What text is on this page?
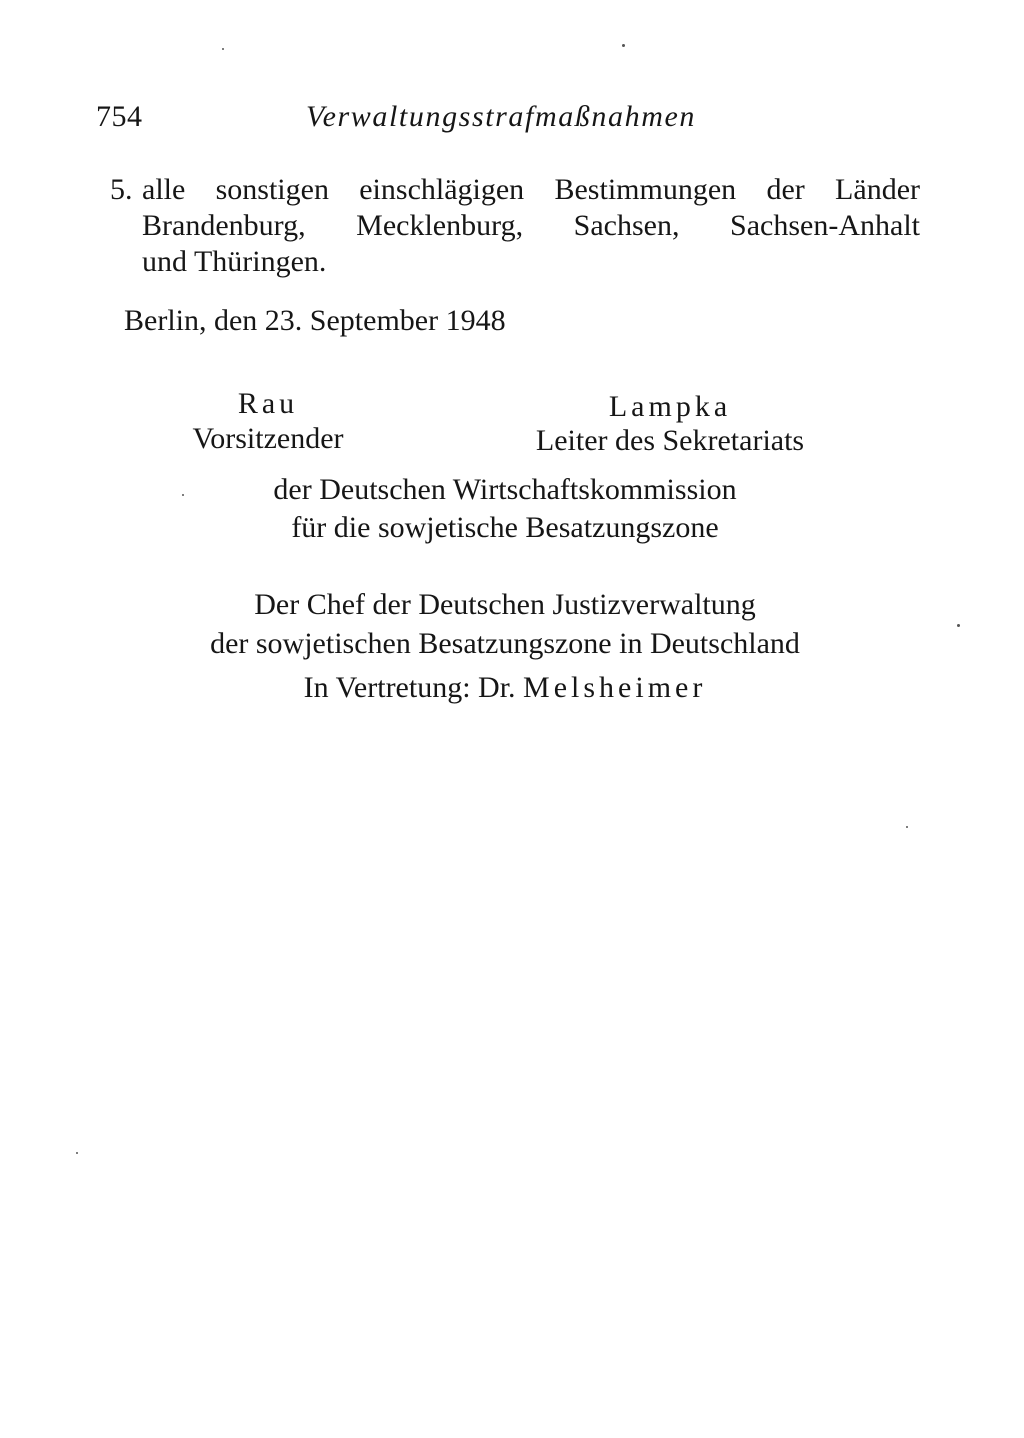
754	Verwaltungsstrafmaßnahmen
5. alle sonstigen einschlägigen Bestimmungen der Länder
Brandenburg, Mecklenburg, Sachsen, Sachsen-Anhalt
und Thüringen.
Berlin, den 23. September 1948
Rau
Vorsitzender
Lampka
Leiter des Sekretariats
der Deutschen Wirtschaftskommission
für die sowjetische Besatzungszone
Der Chef der Deutschen Justizverwaltung
der sowjetischen Besatzungszone in Deutschland
In Vertretung: Dr. Melsheimer
